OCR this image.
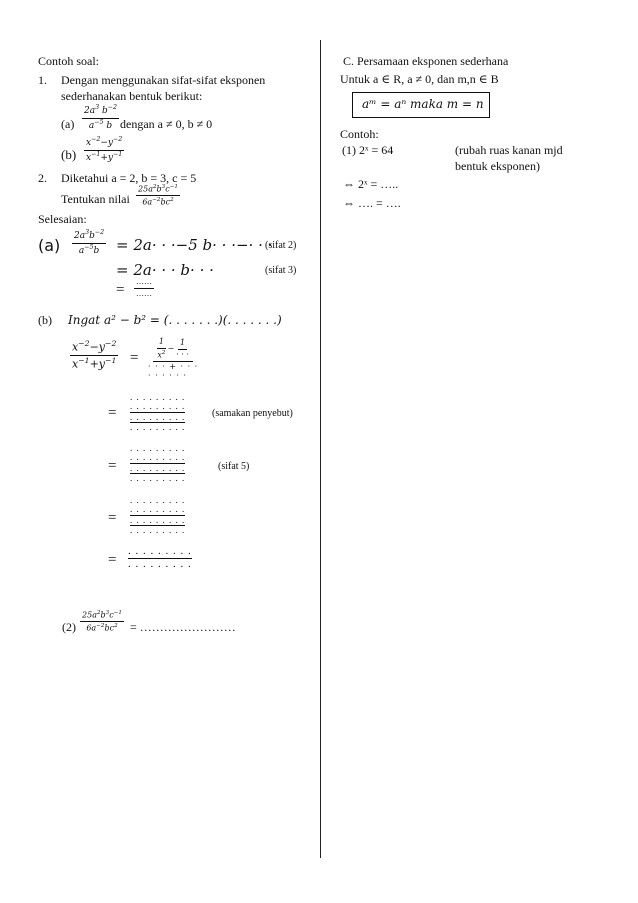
Contoh soal:
1. Dengan menggunakan sifat-sifat eksponen
sederhanakan bentuk berikut:
$(a) \frac{2a^3 b^{-2}}{a^{-5} b}$ dengan a ≠ 0, b ≠ 0
$(b) \frac{x^{-2}-y^{-2}}{x^{-1}+y^{-1}}$
2. Diketahui a = 2, b = 3, c = 5
Tentukan nilai $\frac{25a^2b^3c^{-1}}{6a^{-2}bc^2}$
Selesaian:
$(a) \frac{2a^3b^{-2}}{a^{-5}b} = 2a\cdot \cdot \cdot-5$ b· · ·−· · ·
(sifat 2)
= 2a· · · b· · ·	(sifat 3)
= $\frac{\dots\dots}{\dots\dots}$
(b) Ingat a² − b² = (. . . . . . .)(. . . . . . .)
$\frac{x^{-2}-y^{-2}}{x^{-1}+y^{-1}} = \frac{1}{x^2} - \frac{1}{\cdot \cdot \cdot}$
· · · + · · ·
· · · · · ·
=
. . . . . . . . .
. . . . . . . . .
. . . . . . . . .
. . . . . . . . .
(samakan penyebut)
=
. . . . . . . . .
. . . . . . . . .
. . . . . . . . .
. . . . . . . . .
(sifat 5)
=
. . . . . . . . .
. . . . . . . . .
. . . . . . . . .
. . . . . . . . .
=
. . . . . . . . .
. . . . . . . . .
$(2) \frac{25a^2b^3c^{-1}}{6a^{-2}bc^2}$ = ……………………
C. Persamaan eksponen sederhana
Untuk a ∈ R, a ≠ 0, dan m,n ∈ B
aᵐ = aⁿ maka m = n
Contoh:
(1) 2ˣ = 64	(rubah ruas kanan mjd
bentuk eksponen)
⇔ 2ˣ = …..
⇔ …. = ….
